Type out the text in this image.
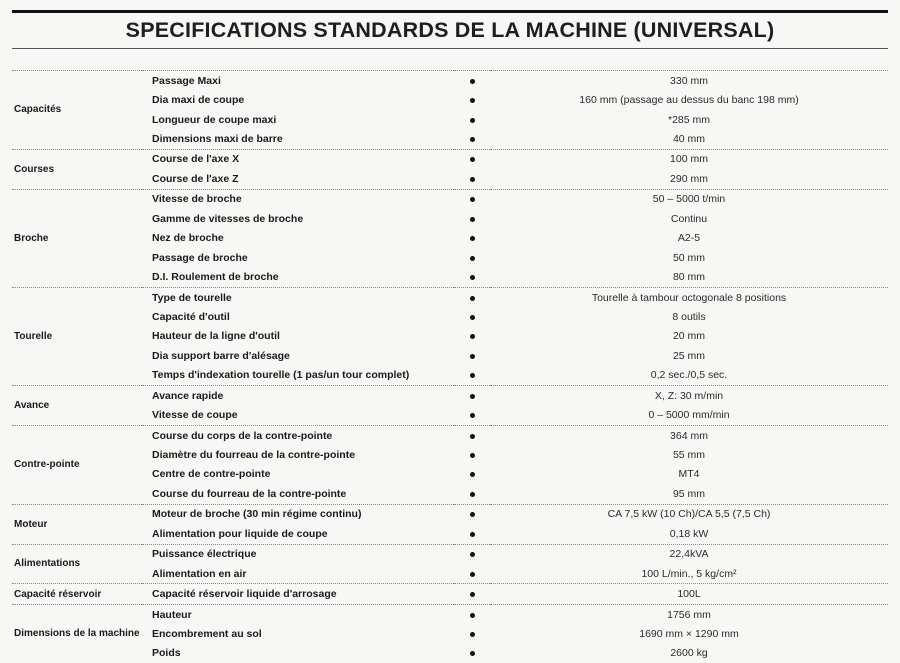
SPECIFICATIONS STANDARDS DE LA MACHINE (UNIVERSAL)
Capacités	Passage Maxi		330 mm
	Dia maxi de coupe		160 mm (passage au dessus du banc 198 mm)
	Longueur de coupe maxi		*285 mm
	Dimensions maxi de barre		40 mm
Courses	Course de l'axe X		100 mm
	Course de l'axe Z		290 mm
Broche	Vitesse de broche		50 – 5000 t/min
	Gamme de vitesses de broche		Continu
	Nez de broche		A2-5
	Passage de broche		50 mm
	D.I. Roulement de broche		80 mm
Tourelle	Type de tourelle		Tourelle à tambour octogonale 8 positions
	Capacité d'outil		8 outils
	Hauteur de la ligne d'outil		20 mm
	Dia support barre d'alésage		25 mm
	Temps d'indexation tourelle (1 pas/un tour complet)		0,2 sec./0,5 sec.
Avance	Avance rapide		X, Z: 30 m/min
	Vitesse de coupe		0 – 5000 mm/min
Contre-pointe	Course du corps de la contre-pointe		364 mm
	Diamètre du fourreau de la contre-pointe		55 mm
	Centre de contre-pointe		MT4
	Course du fourreau de la contre-pointe		95 mm
Moteur	Moteur de broche (30 min régime continu)		CA 7,5 kW (10 Ch)/CA 5,5 (7,5 Ch)
	Alimentation pour liquide de coupe		0,18 kW
Alimentations	Puissance électrique		22,4kVA
	Alimentation en air		100 L/min., 5 kg/cm²
Capacité réservoir	Capacité réservoir liquide d'arrosage		100L
Dimensions de la machine	Hauteur		1756 mm
	Encombrement au sol		1690 mm × 1290 mm
	Poids		2600 kg
